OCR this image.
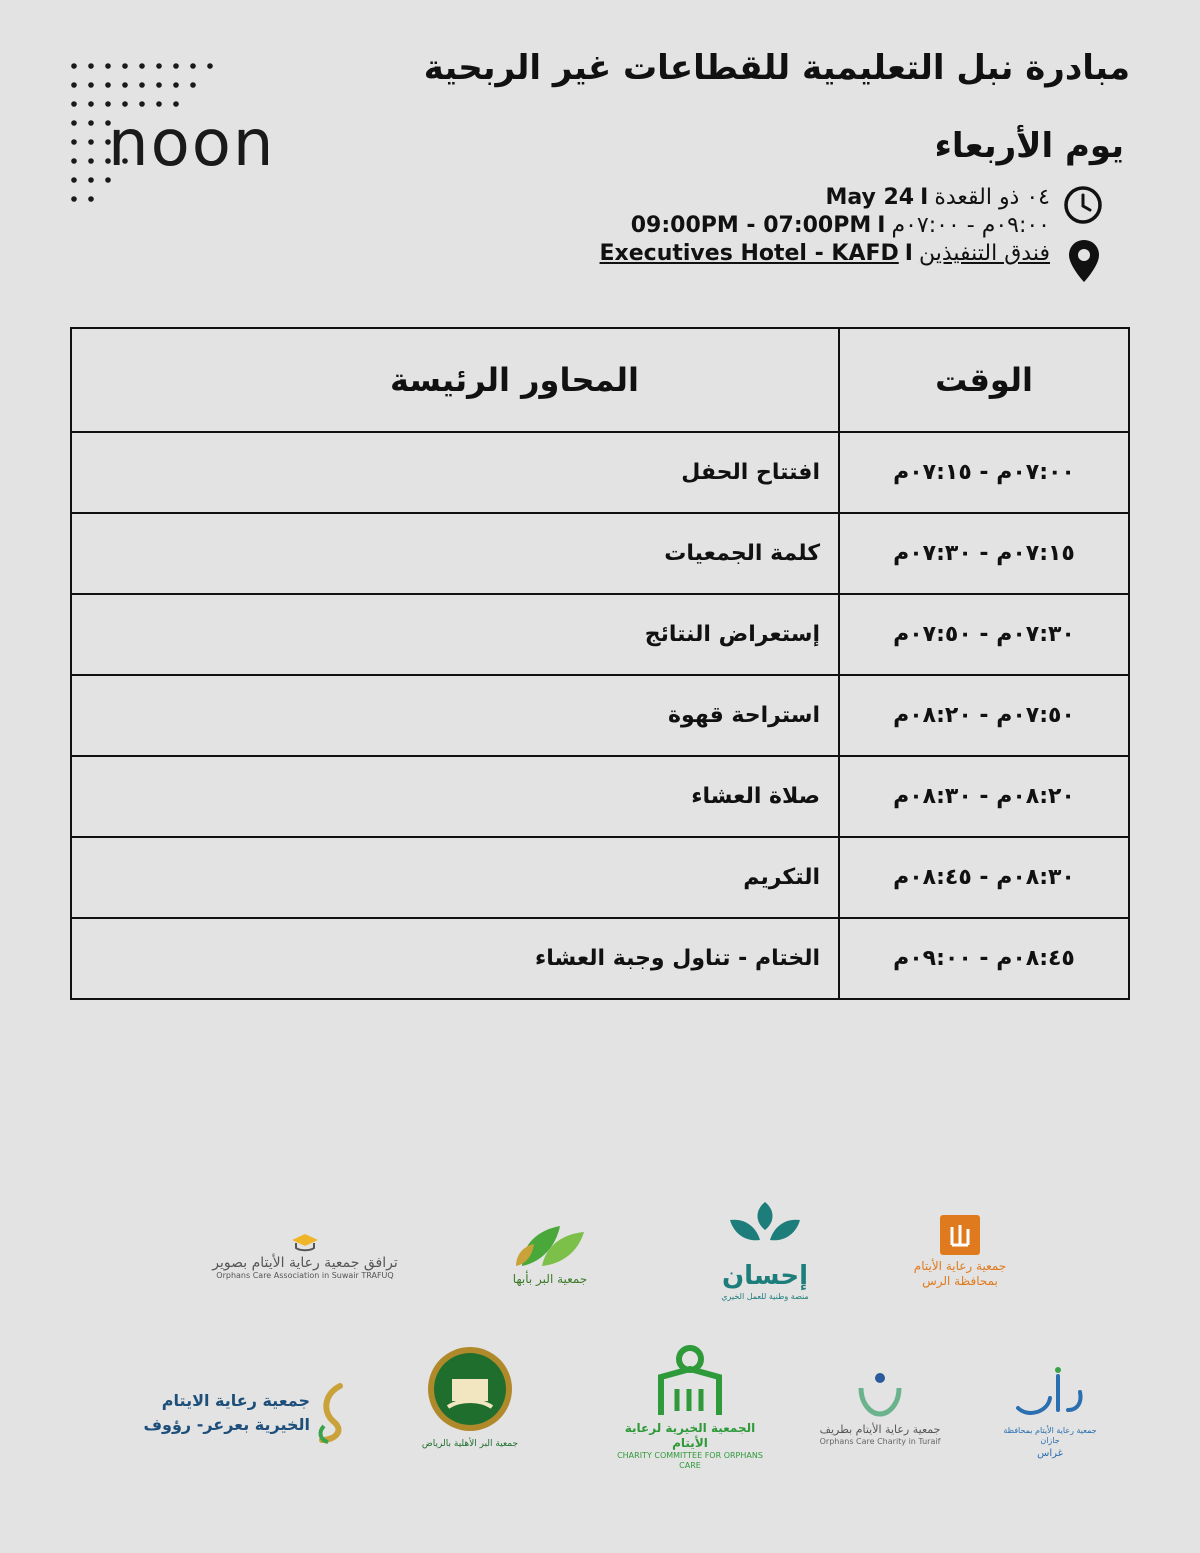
noon
مبادرة نبل التعليمية للقطاعات غير الربحية
يوم الأربعاء
May 24 I ٠٤ ذو القعدة
09:00PM - 07:00PM I ٠٩:٠٠م - ٠٧:٠٠م
Executives Hotel - KAFD I فندق التنفيذين
الوقت	المحاور الرئيسة
٠٧:٠٠م - ٠٧:١٥م	افتتاح الحفل
٠٧:١٥م - ٠٧:٣٠م	كلمة الجمعيات
٠٧:٣٠م - ٠٧:٥٠م	إستعراض النتائج
٠٧:٥٠م - ٠٨:٢٠م	استراحة قهوة
٠٨:٢٠م - ٠٨:٣٠م	صلاة العشاء
٠٨:٣٠م - ٠٨:٤٥م	التكريم
٠٨:٤٥م - ٠٩:٠٠م	الختام - تناول وجبة العشاء
جمعية رعاية الأيتام بمحافظة الرس
إحسان
منصة وطنية للعمل الخيري
جمعية البر بأبها
ترافق جمعية رعاية الأيتام بصوير
Orphans Care Association in Suwair TRAFUQ
جمعية رعاية الأيتام بمحافظة جازان
غراس
جمعية رعاية الأيتام بطريف
Orphans Care Charity in Turaif
الجمعية الخيرية لرعاية الأيتام
CHARITY COMMITTEE FOR ORPHANS CARE
جمعية البر الأهلية بالرياض
جمعية رعاية الايتام الخيرية بعرعر- رؤوف
